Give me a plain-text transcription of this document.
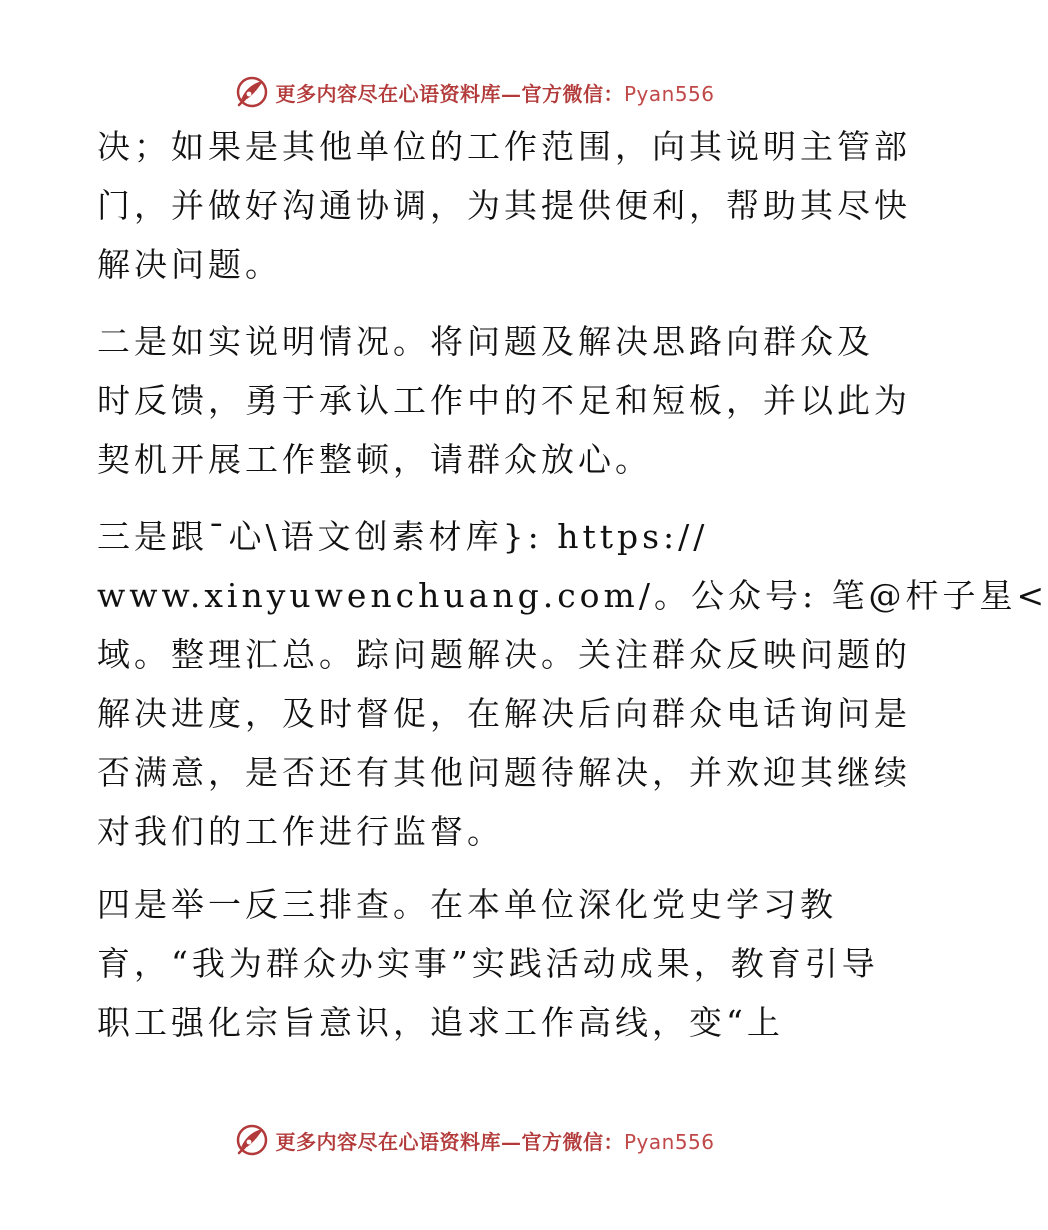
更多内容尽在心语资料库—官方微信：Pyan556
决；如果是其他单位的工作范围，向其说明主管部
门，并做好沟通协调，为其提供便利，帮助其尽快
解决问题。
二是如实说明情况。将问题及解决思路向群众及
时反馈，勇于承认工作中的不足和短板，并以此为
契机开展工作整顿，请群众放心。
三是跟¯心\语文创素材库}: https://
www.xinyuwenchuang.com/。公众号: 笔@杆子星<
域。整理汇总。踪问题解决。关注群众反映问题的
解决进度，及时督促，在解决后向群众电话询问是
否满意，是否还有其他问题待解决，并欢迎其继续
对我们的工作进行监督。
四是举一反三排查。在本单位深化党史学习教
育，“我为群众办实事”实践活动成果，教育引导
职工强化宗旨意识，追求工作高线，变“上
更多内容尽在心语资料库—官方微信：Pyan556
